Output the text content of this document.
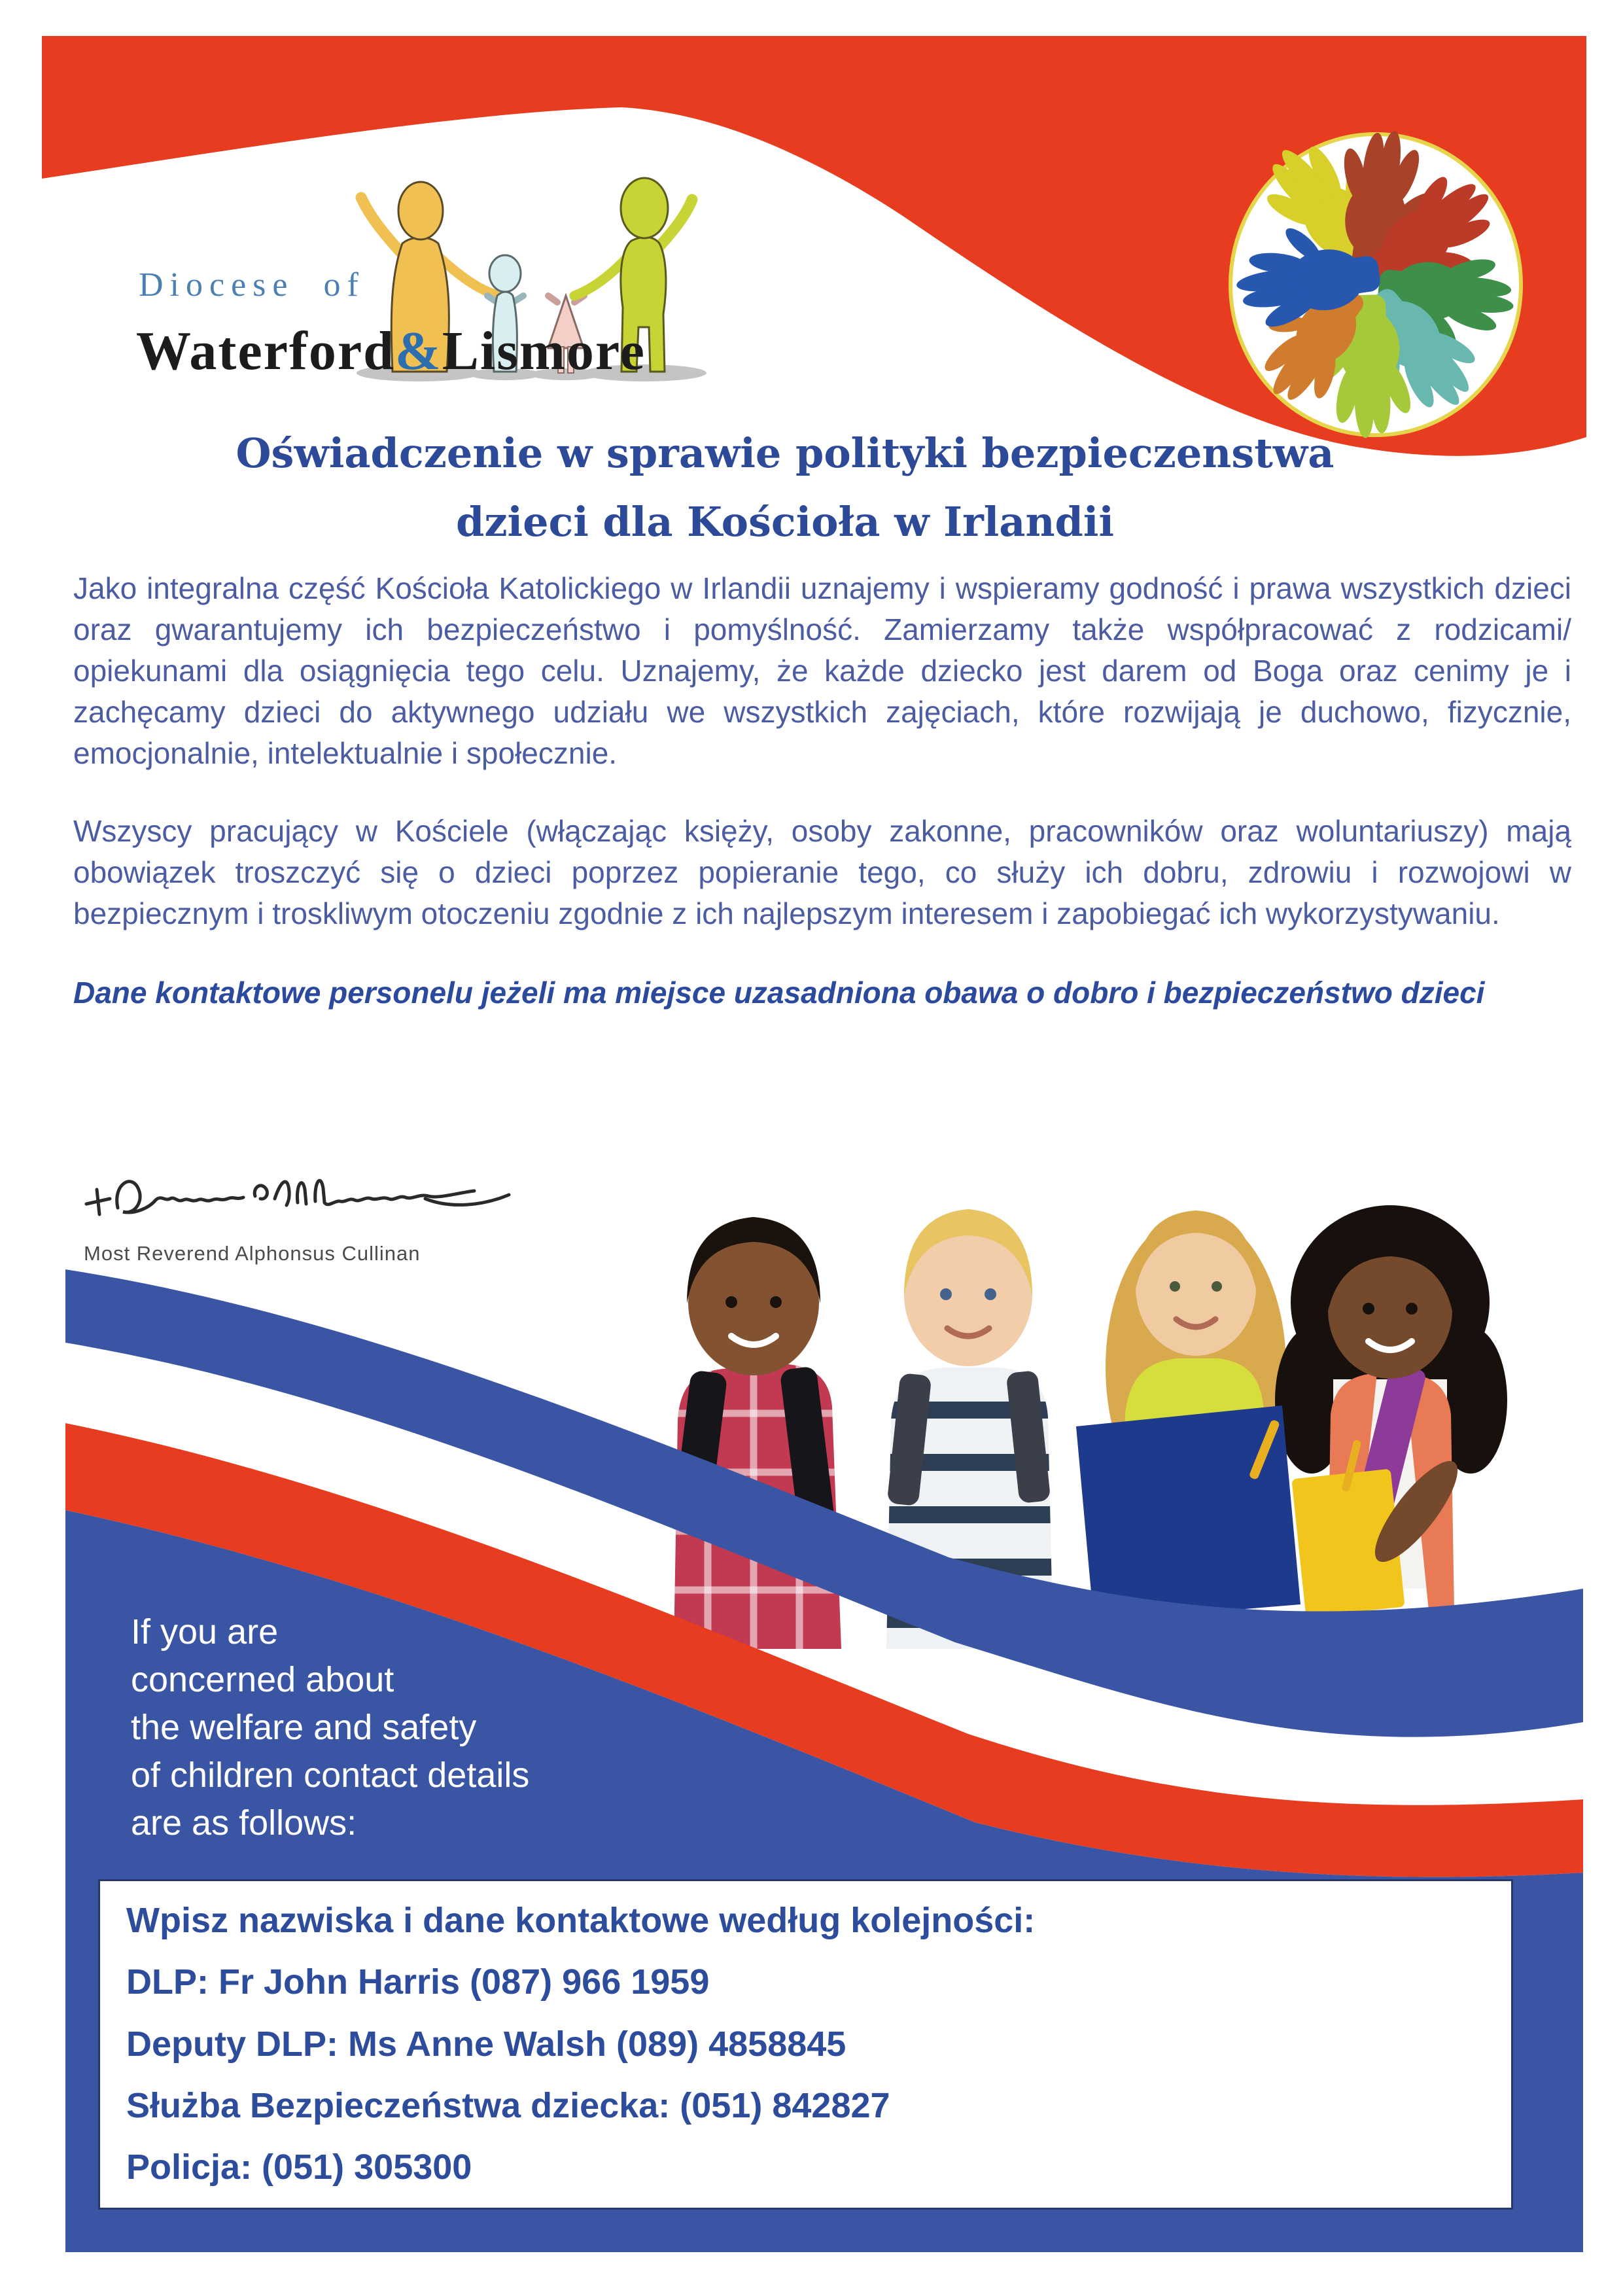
Diocese of
Waterford&Lismore
Oświadczenie w sprawie polityki bezpieczenstwa
dzieci dla Kościoła w Irlandii

Jako integralna część Kościoła Katolickiego w Irlandii uznajemy i wspieramy godność i prawa wszystkich dzieci oraz gwarantujemy ich bezpieczeństwo i pomyślność. Zamierzamy także współpracować z rodzicami/ opiekunami dla osiągnięcia tego celu. Uznajemy, że każde dziecko jest darem od Boga oraz cenimy je i zachęcamy dzieci do aktywnego udziału we wszystkich zajęciach, które rozwijają je duchowo, fizycznie, emocjonalnie, intelektualnie i społecznie.

Wszyscy pracujący w Kościele (włączając księży, osoby zakonne, pracowników oraz woluntariuszy) mają obowiązek troszczyć się o dzieci poprzez popieranie tego, co służy ich dobru, zdrowiu i rozwojowi w bezpiecznym i troskliwym otoczeniu zgodnie z ich najlepszym interesem i zapobiegać ich wykorzystywaniu.

Dane kontaktowe personelu jeżeli ma miejsce uzasadniona obawa o dobro i bezpieczeństwo dzieci

Most Reverend Alphonsus Cullinan
If you are
concerned about
the welfare and safety
of children contact details
are as follows:
Wpisz nazwiska i dane kontaktowe według kolejności:
DLP: Fr John Harris (087) 966 1959
Deputy DLP: Ms Anne Walsh (089) 4858845
Służba Bezpieczeństwa dziecka: (051) 842827
Policja: (051) 305300
